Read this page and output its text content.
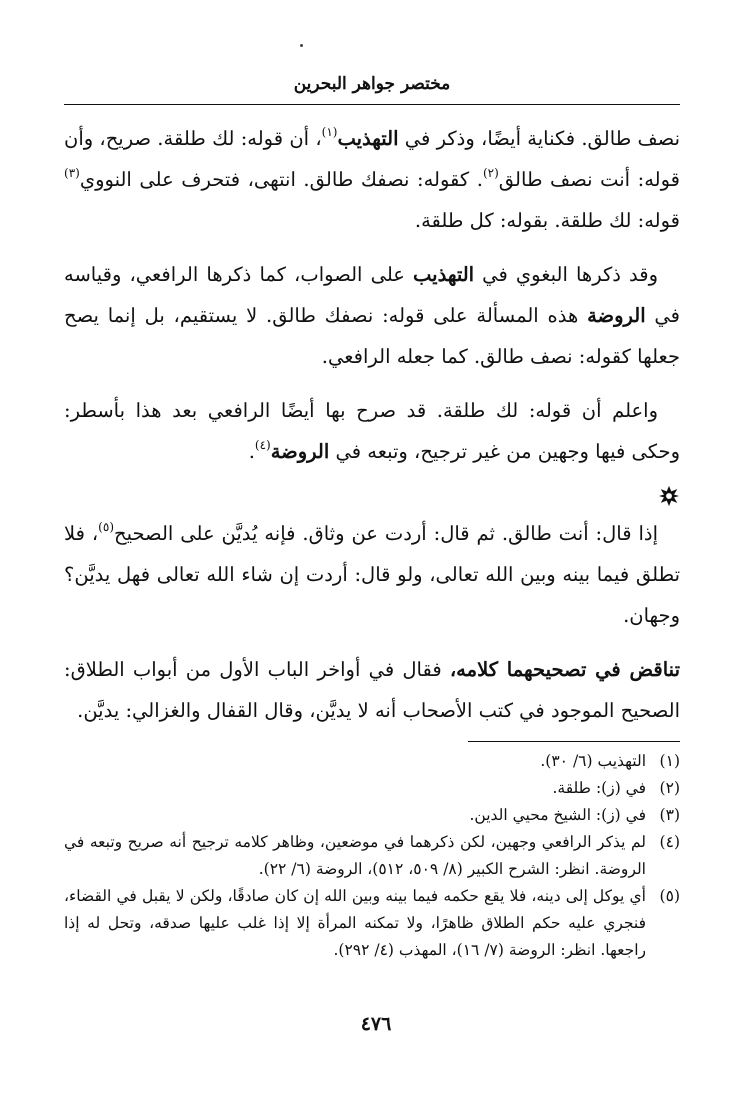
مختصر جواهر البحرين

نصف طالق. فكناية أيضًا، وذكر في التهذيب$^{(١)}$، أن قوله: لك طلقة. صريح، وأن قوله: أنت نصف طالق$^{(٢)}$. كقوله: نصفك طالق. انتهى، فتحرف على النووي$^{(٣)}$ قوله: لك طلقة. بقوله: كل طلقة.

وقد ذكرها البغوي في التهذيب على الصواب، كما ذكرها الرافعي، وقياسه في الروضة هذه المسألة على قوله: نصفك طالق. لا يستقيم، بل إنما يصح جعلها كقوله: نصف طالق. كما جعله الرافعي.

واعلم أن قوله: لك طلقة. قد صرح بها أيضًا الرافعي بعد هذا بأسطر: وحكى فيها وجهين من غير ترجيح، وتبعه في الروضة$^{(٤)}$.

إذا قال: أنت طالق. ثم قال: أردت عن وثاق. فإنه يُديَّن على الصحيح$^{(٥)}$، فلا تطلق فيما بينه وبين الله تعالى، ولو قال: أردت إن شاء الله تعالى فهل يديَّن؟ وجهان.

تناقض في تصحيحهما كلامه، فقال في أواخر الباب الأول من أبواب الطلاق: الصحيح الموجود في كتب الأصحاب أنه لا يديَّن، وقال القفال والغزالي: يديَّن.

(١)
التهذيب (٦/ ٣٠).
(٢)
في (ز): طلقة.
(٣)
في (ز): الشيخ محيي الدين.
(٤)
لم يذكر الرافعي وجهين، لكن ذكرهما في موضعين، وظاهر كلامه ترجيح أنه صريح وتبعه في الروضة. انظر: الشرح الكبير (٨/ ٥٠٩، ٥١٢)، الروضة (٦/ ٢٢).
(٥)
أي يوكل إلى دينه، فلا يقع حكمه فيما بينه وبين الله إن كان صادقًا، ولكن لا يقبل في القضاء، فنجري عليه حكم الطلاق ظاهرًا، ولا تمكنه المرأة إلا إذا غلب عليها صدقه، وتحل له إذا راجعها. انظر: الروضة (٧/ ١٦)، المهذب (٤/ ٢٩٢).
٤٧٦
